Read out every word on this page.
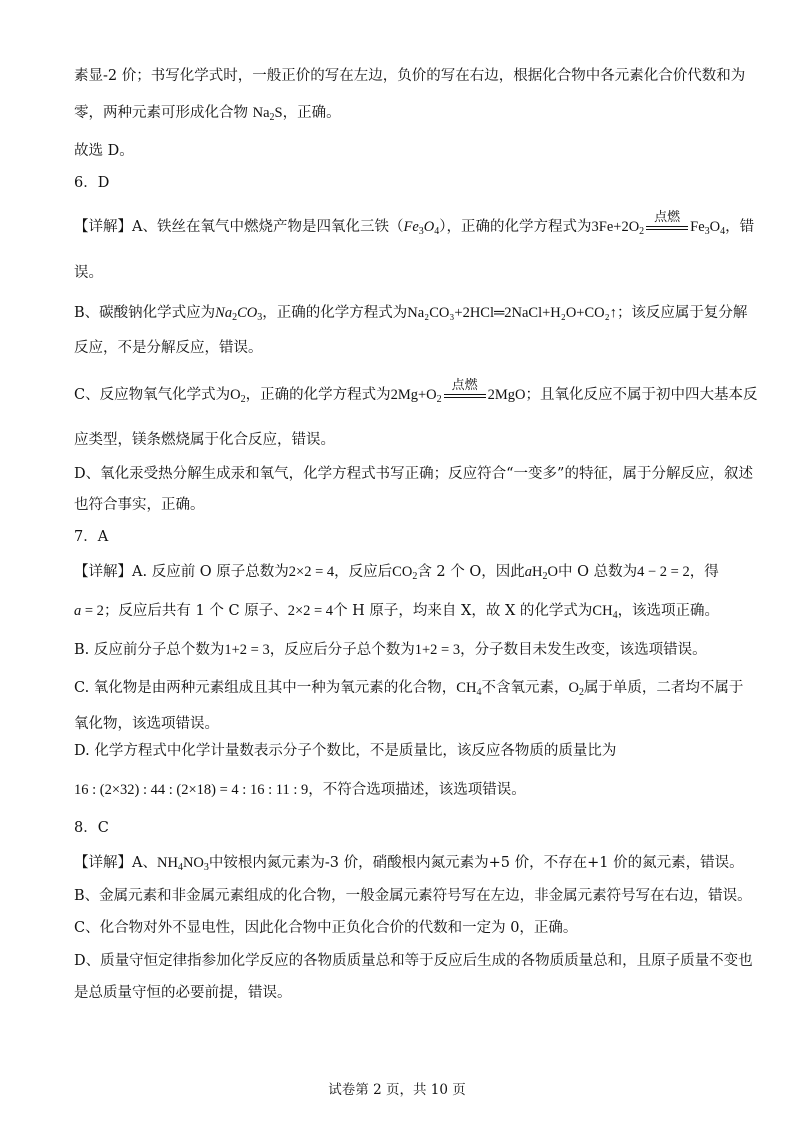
素显-2 价；书写化学式时，一般正价的写在左边，负价的写在右边，根据化合物中各元素化合价代数和为
零，两种元素可形成化合物 $Na_2S$，正确。
故选 D。
6．D
【详解】A、铁丝在氧气中燃烧产物是四氧化三铁$(Fe_3O_4)$，正确的化学方程式为$3Fe+2O_2$
点燃
$Fe_3O_4$，错
误。
B、碳酸钠化学式应为$Na_2CO_3$，正确的化学方程式为Na₂CO₃+2HCl═2NaCl+H₂O+CO₂↑；该反应属于复分解
反应，不是分解反应，错误。
C、反应物氧气化学式为$O_2$，正确的化学方程式为$2Mg+O_2$
点燃
2MgO；且氧化反应不属于初中四大基本反
应类型，镁条燃烧属于化合反应，错误。
D、氧化汞受热分解生成汞和氧气，化学方程式书写正确；反应符合“一变多”的特征，属于分解反应，叙述
也符合事实，正确。
7．A
【详解】A. 反应前 O 原子总数为2×2 = 4，反应后$CO_2$含 2 个 O，因此$aH_2O$中 O 总数为4 − 2 = 2，得
a = 2；反应后共有 1 个 C 原子、2×2 = 4个 H 原子，均来自 X，故 X 的化学式为$CH_4$，该选项正确。
B. 反应前分子总个数为1+2 = 3，反应后分子总个数为1+2 = 3，分子数目未发生改变，该选项错误。
C. 氧化物是由两种元素组成且其中一种为氧元素的化合物，$CH_4$不含氧元素，$O_2$属于单质，二者均不属于
氧化物，该选项错误。
D. 化学方程式中化学计量数表示分子个数比，不是质量比，该反应各物质的质量比为
16 : (2×32) : 44 : (2×18) = 4 : 16 : 11 : 9，不符合选项描述，该选项错误。
8．C
【详解】A、$NH_4NO_3$中铵根内氮元素为-3 价，硝酸根内氮元素为+5 价，不存在+1 价的氮元素，错误。
B、金属元素和非金属元素组成的化合物，一般金属元素符号写在左边，非金属元素符号写在右边，错误。
C、化合物对外不显电性，因此化合物中正负化合价的代数和一定为 0，正确。
D、质量守恒定律指参加化学反应的各物质质量总和等于反应后生成的各物质质量总和，且原子质量不变也
是总质量守恒的必要前提，错误。
试卷第 2 页，共 10 页
